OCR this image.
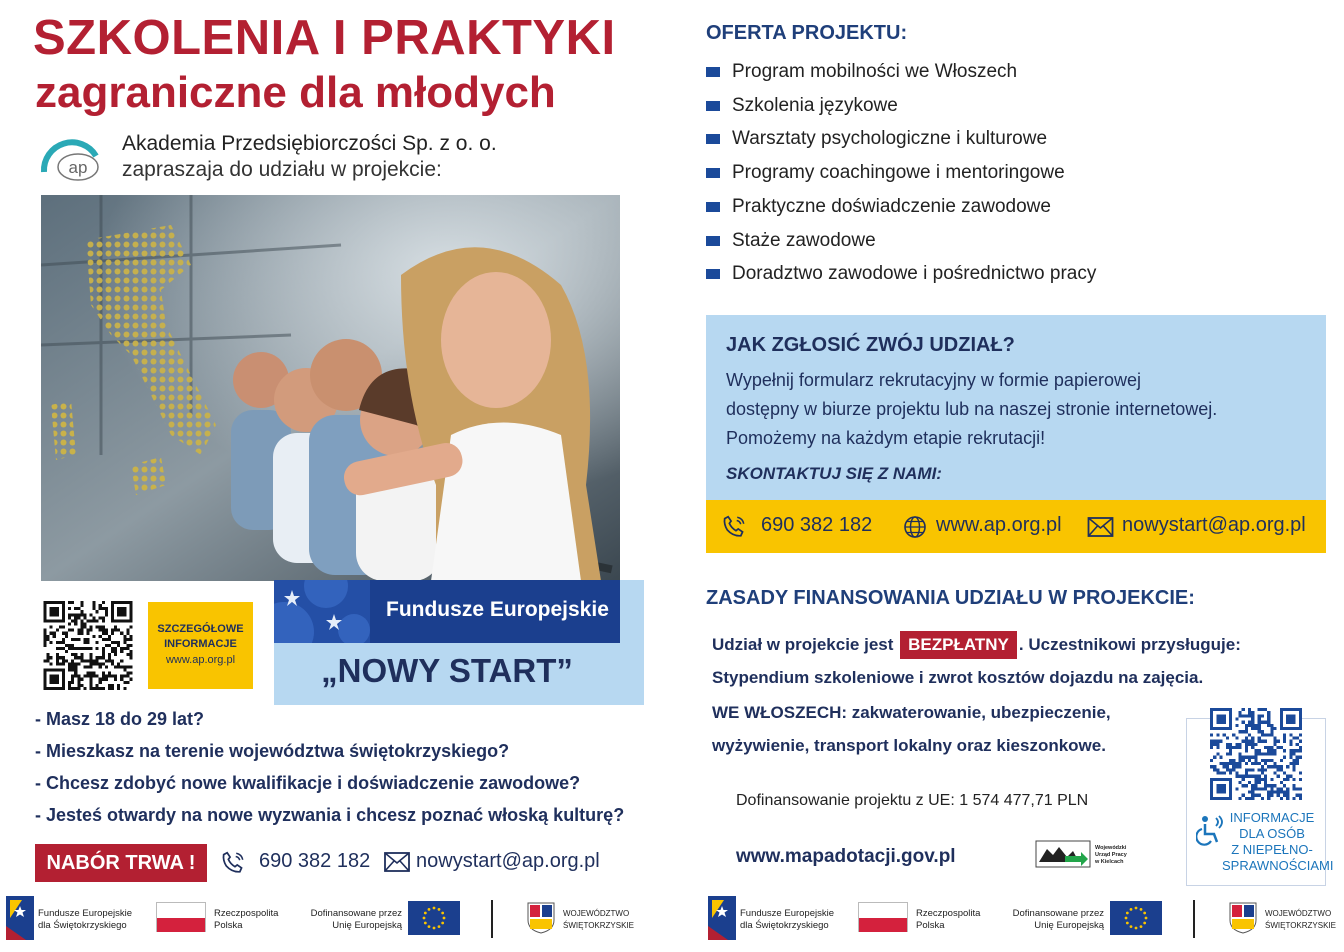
SZKOLENIA I PRAKTYKI
zagraniczne dla młodych
ap
Akademia Przedsiębiorczości Sp. z o. o.
zapraszaja do udziału w projekcie:
SZCZEGÓŁOWE
INFORMACJE
www.ap.org.pl
Fundusze Europejskie
„NOWY START”
- Masz 18 do 29 lat?
- Mieszkasz na terenie województwa świętokrzyskiego?
- Chcesz zdobyć nowe kwalifikacje i doświadczenie zawodowe?
- Jesteś otwardy na nowe wyzwania i chcesz poznać włoską kulturę?
NABÓR TRWA !	690 382 182 nowystart@ap.org.pl
OFERTA PROJEKTU:
Program mobilności we Włoszech
Szkolenia językowe
Warsztaty psychologiczne i kulturowe
Programy coachingowe i mentoringowe
Praktyczne doświadczenie zawodowe
Staże zawodowe
Doradztwo zawodowe i pośrednictwo pracy
JAK ZGŁOSIĆ ZWÓJ UDZIAŁ?
Wypełnij formularz rekrutacyjny w formie papierowej
dostępny w biurze projektu lub na naszej stronie internetowej.
Pomożemy na każdym etapie rekrutacji!
SKONTAKTUJ SIĘ Z NAMI:
690 382 182	www.ap.org.pl	nowystart@ap.org.pl
ZASADY FINANSOWANIA UDZIAŁU W PROJEKCIE:
Udział w projekcie jest BEZPŁATNY . Uczestnikowi przysługuje:
Stypendium szkoleniowe i zwrot kosztów dojazdu na zajęcia.
WE WŁOSZECH: zakwaterowanie, ubezpieczenie,
wyżywienie, transport lokalny oraz kieszonkowe.
Dofinansowanie projektu z UE: 1 574 477,71 PLN
www.mapadotacji.gov.pl	Wojewódzki
Urząd Pracy
w Kielcach
INFORMACJE
DLA OSÓB
Z NIEPEŁNO-
SPRAWNOŚCIAMI
Fundusze Europejskie
dla Świętokrzyskiego
Rzeczpospolita
Polska
Dofinansowane przez
Unię Europejską
WOJEWÓDZTWO
ŚWIĘTOKRZYSKIE
Fundusze Europejskie
dla Świętokrzyskiego
Rzeczpospolita
Polska
Dofinansowane przez
Unię Europejską
WOJEWÓDZTWO
ŚWIĘTOKRZYSKIE
